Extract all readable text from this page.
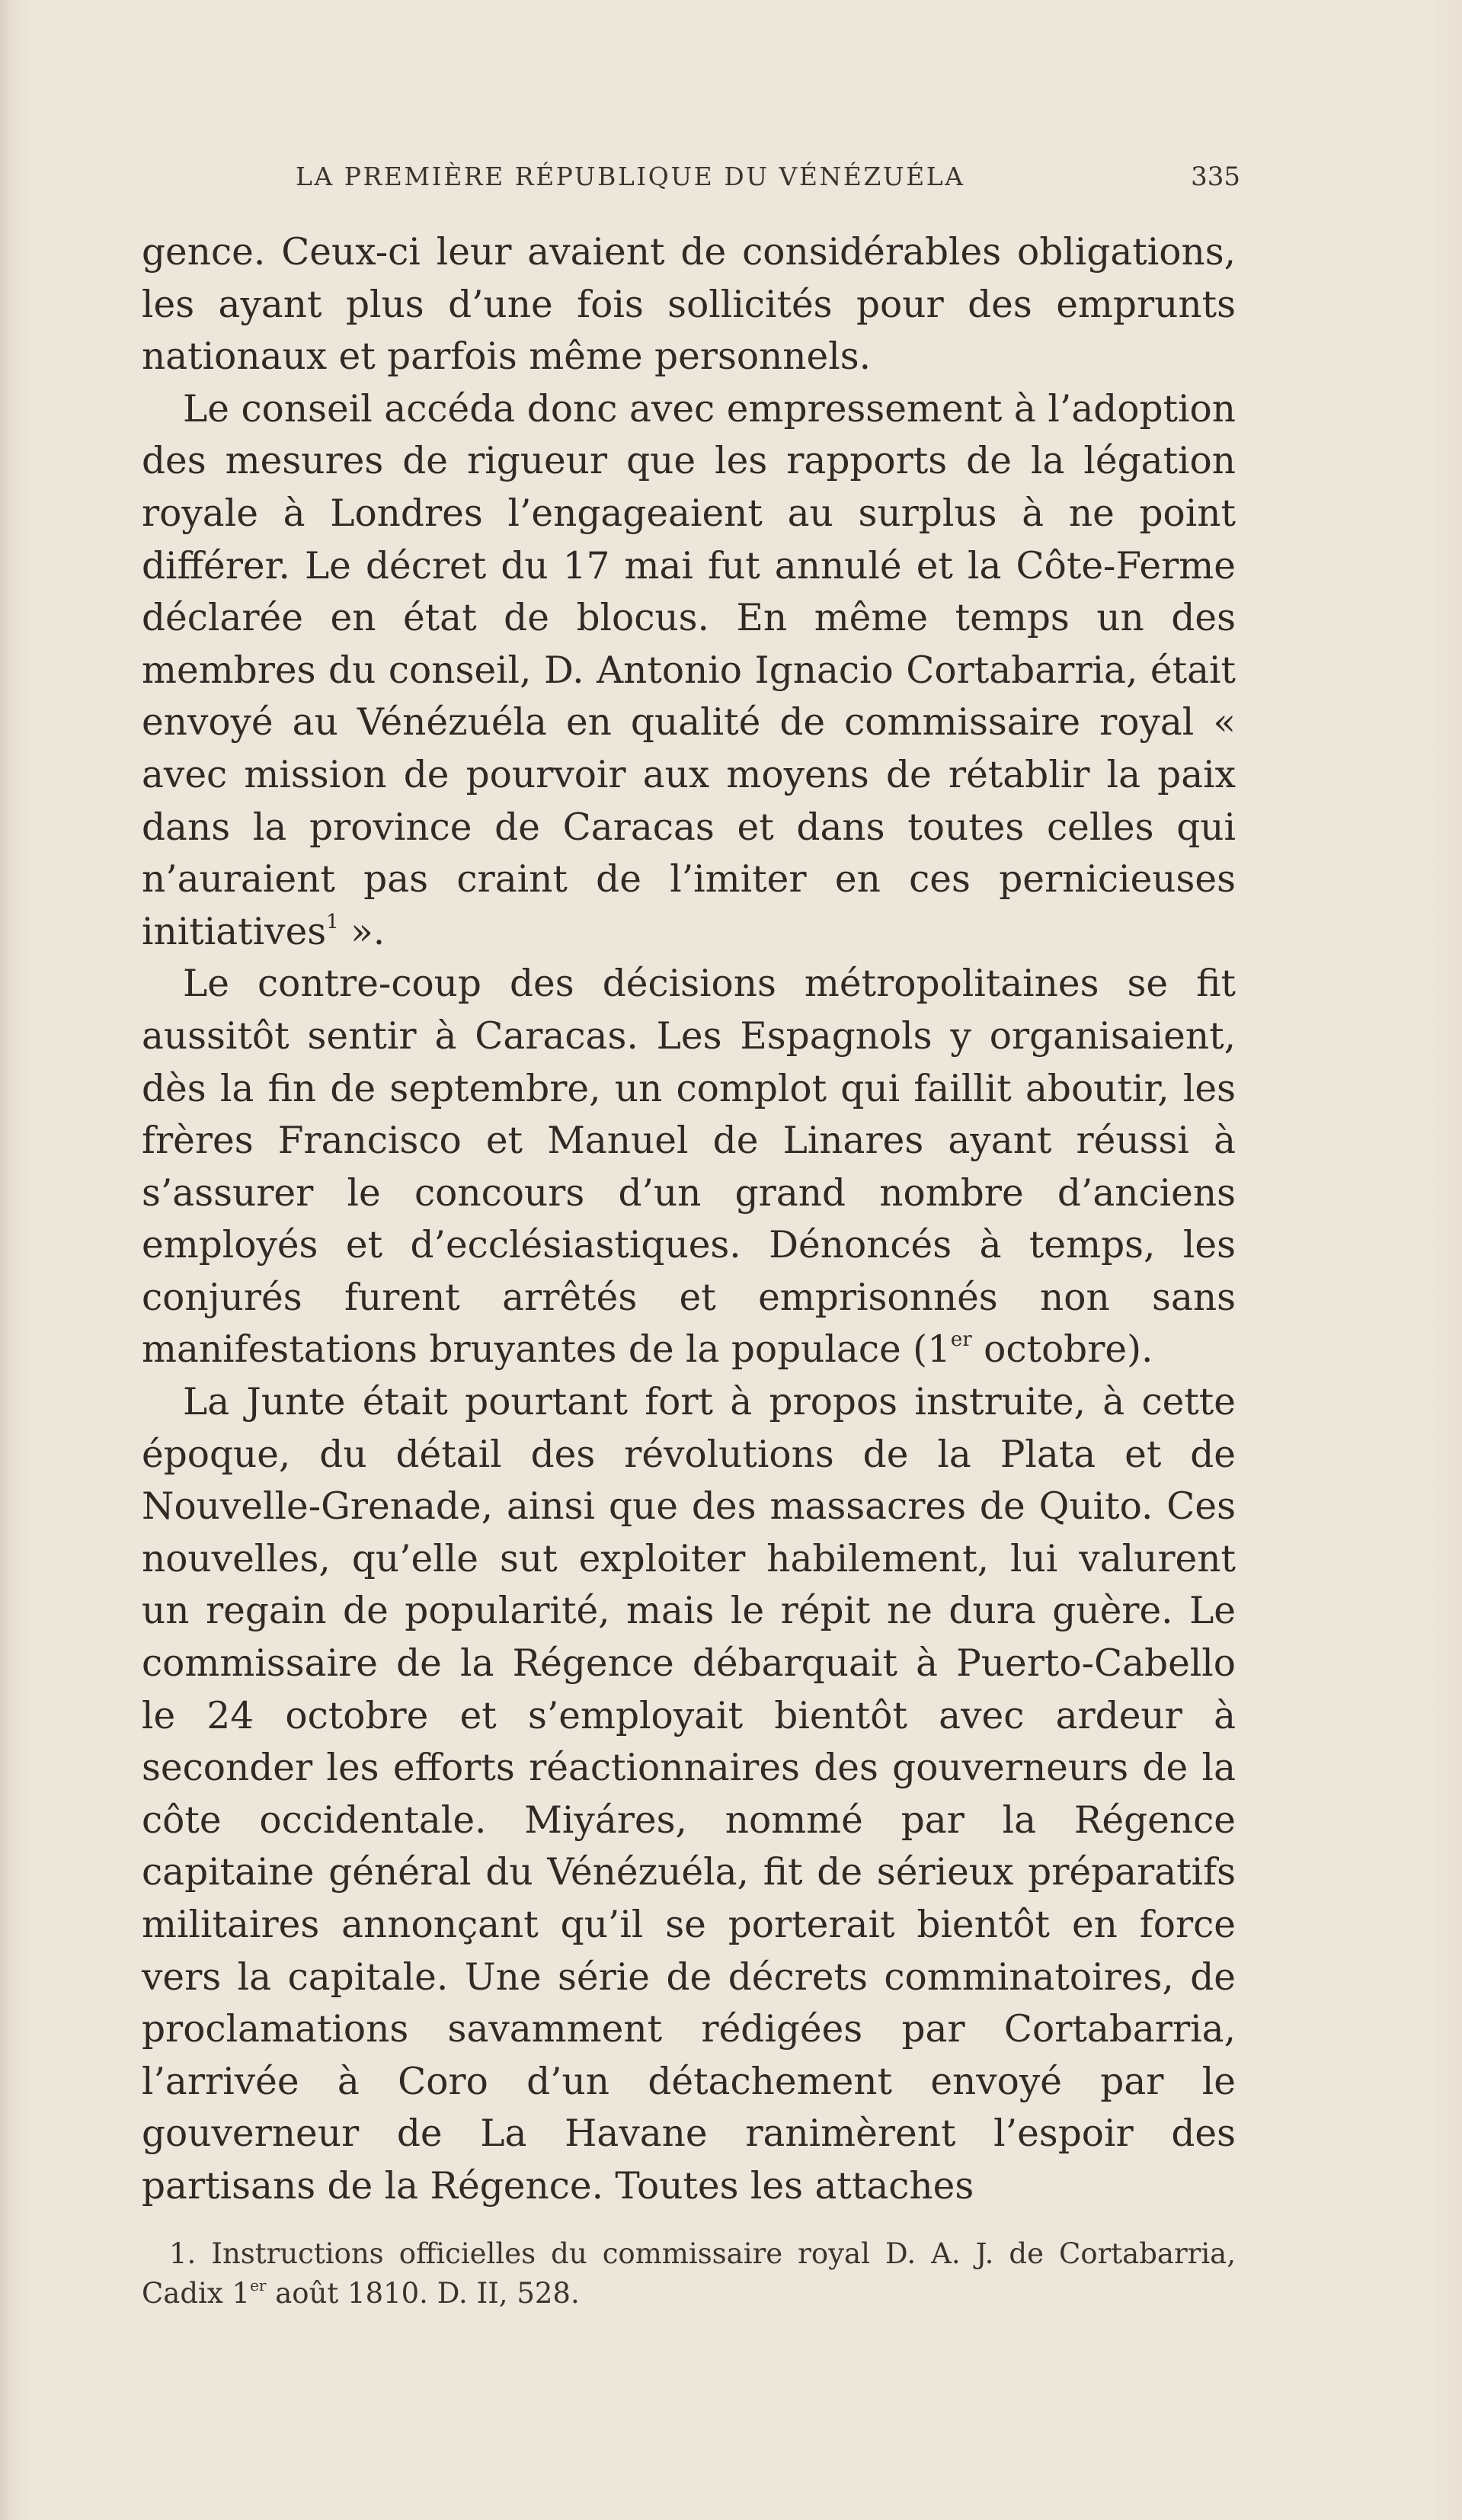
LA PREMIÈRE RÉPUBLIQUE DU VÉNÉZUÉLA	335

gence. Ceux-ci leur avaient de considérables obligations, les ayant plus d’une fois sollicités pour des emprunts nationaux et parfois même personnels.

Le conseil accéda donc avec empressement à l’adoption des mesures de rigueur que les rapports de la légation royale à Londres l’engageaient au surplus à ne point différer. Le décret du 17 mai fut annulé et la Côte-Ferme déclarée en état de blocus. En même temps un des membres du conseil, D. Antonio Ignacio Cortabarria, était envoyé au Vénézuéla en qualité de commissaire royal « avec mission de pourvoir aux moyens de rétablir la paix dans la province de Caracas et dans toutes celles qui n’auraient pas craint de l’imiter en ces pernicieuses initiatives$^1$ ».

Le contre-coup des décisions métropolitaines se fit aussitôt sentir à Caracas. Les Espagnols y organisaient, dès la fin de septembre, un complot qui faillit aboutir, les frères Francisco et Manuel de Linares ayant réussi à s’assurer le concours d’un grand nombre d’anciens employés et d’ecclésiastiques. Dénoncés à temps, les conjurés furent arrêtés et emprisonnés non sans manifestations bruyantes de la populace (1er octobre).

La Junte était pourtant fort à propos instruite, à cette époque, du détail des révolutions de la Plata et de Nouvelle-Grenade, ainsi que des massacres de Quito. Ces nouvelles, qu’elle sut exploiter habilement, lui valurent un regain de popularité, mais le répit ne dura guère. Le commissaire de la Régence débarquait à Puerto-Cabello le 24 octobre et s’employait bientôt avec ardeur à seconder les efforts réactionnaires des gouverneurs de la côte occidentale. Miyáres, nommé par la Régence capitaine général du Vénézuéla, fit de sérieux préparatifs militaires annonçant qu’il se porterait bientôt en force vers la capitale. Une série de décrets comminatoires, de proclamations savamment rédigées par Cortabarria, l’arrivée à Coro d’un détachement envoyé par le gouverneur de La Havane ranimèrent l’espoir des partisans de la Régence. Toutes les attaches

1. Instructions officielles du commissaire royal D. A. J. de Cortabarria, Cadix 1er août 1810. D. II, 528.
